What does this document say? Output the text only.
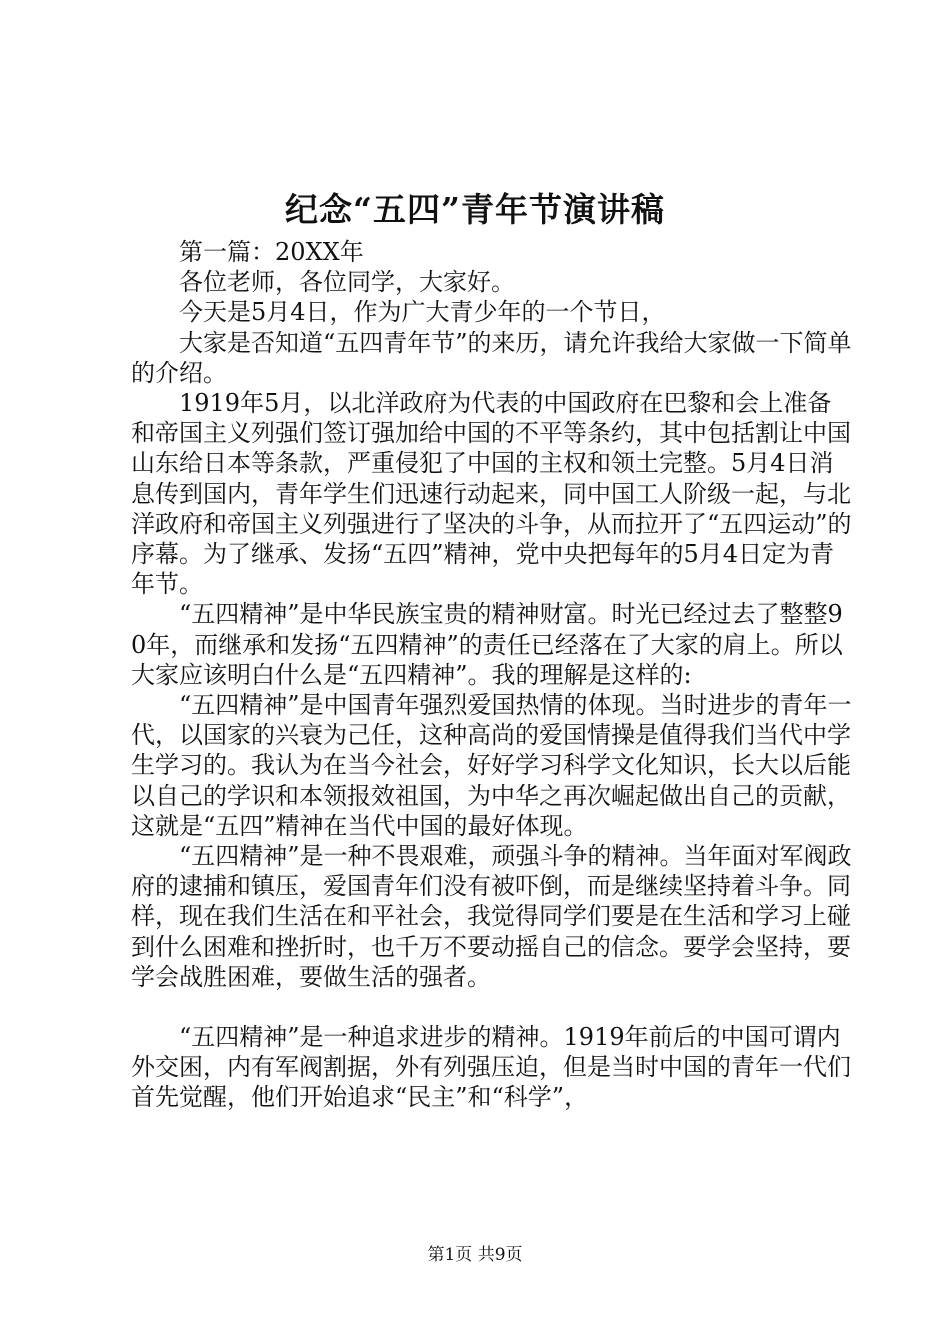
纪念“五四”青年节演讲稿

第一篇：20XX年

各位老师，各位同学，大家好。

今天是5月4日，作为广大青少年的一个节日，

大家是否知道“五四青年节”的来历，请允许我给大家做一下简单的介绍。

1919年5月，以北洋政府为代表的中国政府在巴黎和会上准备和帝国主义列强们签订强加给中国的不平等条约，其中包括割让中国山东给日本等条款，严重侵犯了中国的主权和领土完整。5月4日消息传到国内，青年学生们迅速行动起来，同中国工人阶级一起，与北洋政府和帝国主义列强进行了坚决的斗争，从而拉开了“五四运动”的序幕。为了继承、发扬“五四”精神，党中央把每年的5月4日定为青年节。

“五四精神”是中华民族宝贵的精神财富。时光已经过去了整整90年，而继承和发扬“五四精神”的责任已经落在了大家的肩上。所以大家应该明白什么是“五四精神”。我的理解是这样的:

“五四精神”是中国青年强烈爱国热情的体现。当时进步的青年一代，以国家的兴衰为己任，这种高尚的爱国情操是值得我们当代中学生学习的。我认为在当今社会，好好学习科学文化知识，长大以后能以自己的学识和本领报效祖国，为中华之再次崛起做出自己的贡献，这就是“五四”精神在当代中国的最好体现。

“五四精神”是一种不畏艰难，顽强斗争的精神。当年面对军阀政府的逮捕和镇压，爱国青年们没有被吓倒，而是继续坚持着斗争。同样，现在我们生活在和平社会，我觉得同学们要是在生活和学习上碰到什么困难和挫折时，也千万不要动摇自己的信念。要学会坚持，要学会战胜困难，要做生活的强者。

“五四精神”是一种追求进步的精神。1919年前后的中国可谓内外交困，内有军阀割据，外有列强压迫，但是当时中国的青年一代们首先觉醒，他们开始追求“民主”和“科学”，

第1页 共9页
